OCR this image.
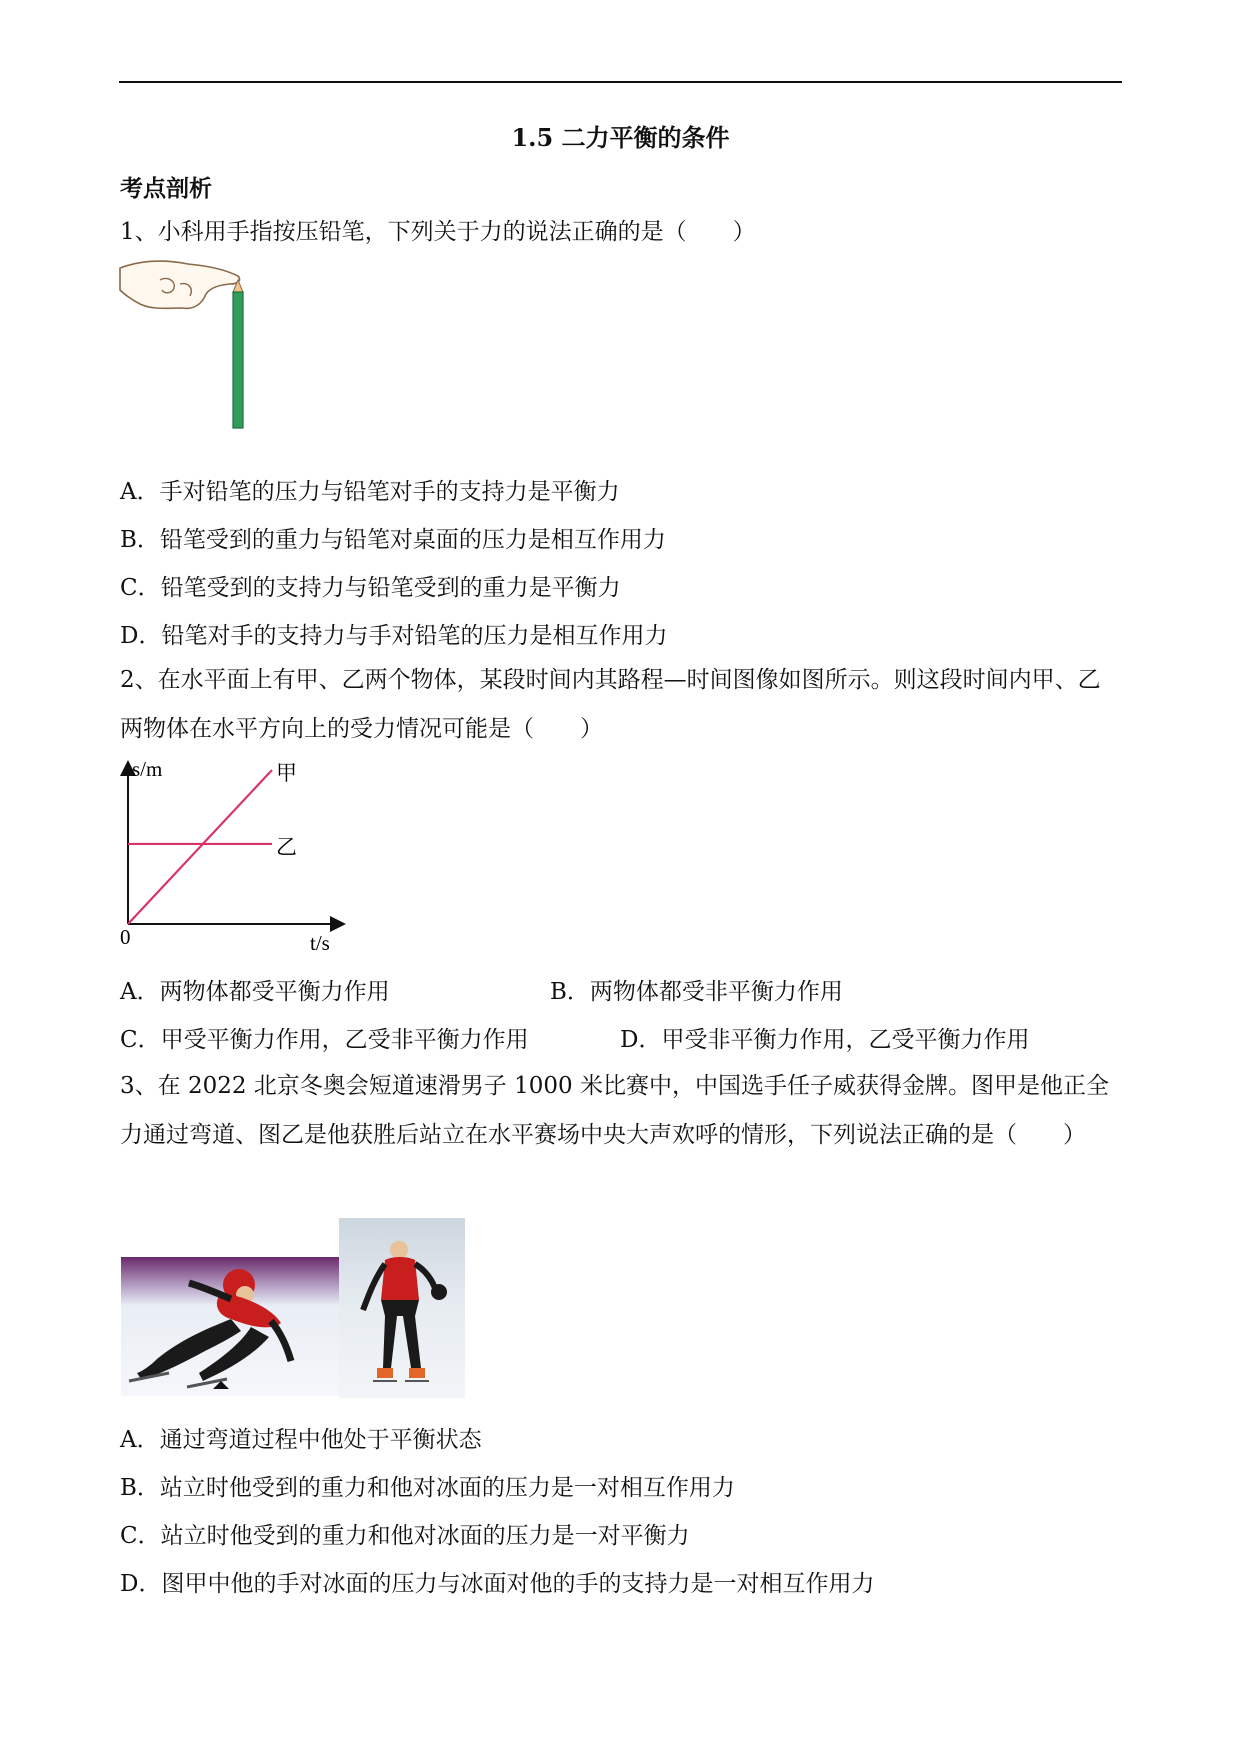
1.5 二力平衡的条件
考点剖析
1、小科用手指按压铅笔，下列关于力的说法正确的是（　　）
A．手对铅笔的压力与铅笔对手的支持力是平衡力
B．铅笔受到的重力与铅笔对桌面的压力是相互作用力
C．铅笔受到的支持力与铅笔受到的重力是平衡力
D．铅笔对手的支持力与手对铅笔的压力是相互作用力
2、在水平面上有甲、乙两个物体，某段时间内其路程—时间图像如图所示。则这段时间内甲、乙两物体在水平方向上的受力情况可能是（　　）
s/m
t/s
0
甲
乙
A．两物体都受平衡力作用	B．两物体都受非平衡力作用
C．甲受平衡力作用，乙受非平衡力作用	D．甲受非平衡力作用，乙受平衡力作用
3、在 2022 北京冬奥会短道速滑男子 1000 米比赛中，中国选手任子威获得金牌。图甲是他正全力通过弯道、图乙是他获胜后站立在水平赛场中央大声欢呼的情形，下列说法正确的是（　　）
A．通过弯道过程中他处于平衡状态
B．站立时他受到的重力和他对冰面的压力是一对相互作用力
C．站立时他受到的重力和他对冰面的压力是一对平衡力
D．图甲中他的手对冰面的压力与冰面对他的手的支持力是一对相互作用力
